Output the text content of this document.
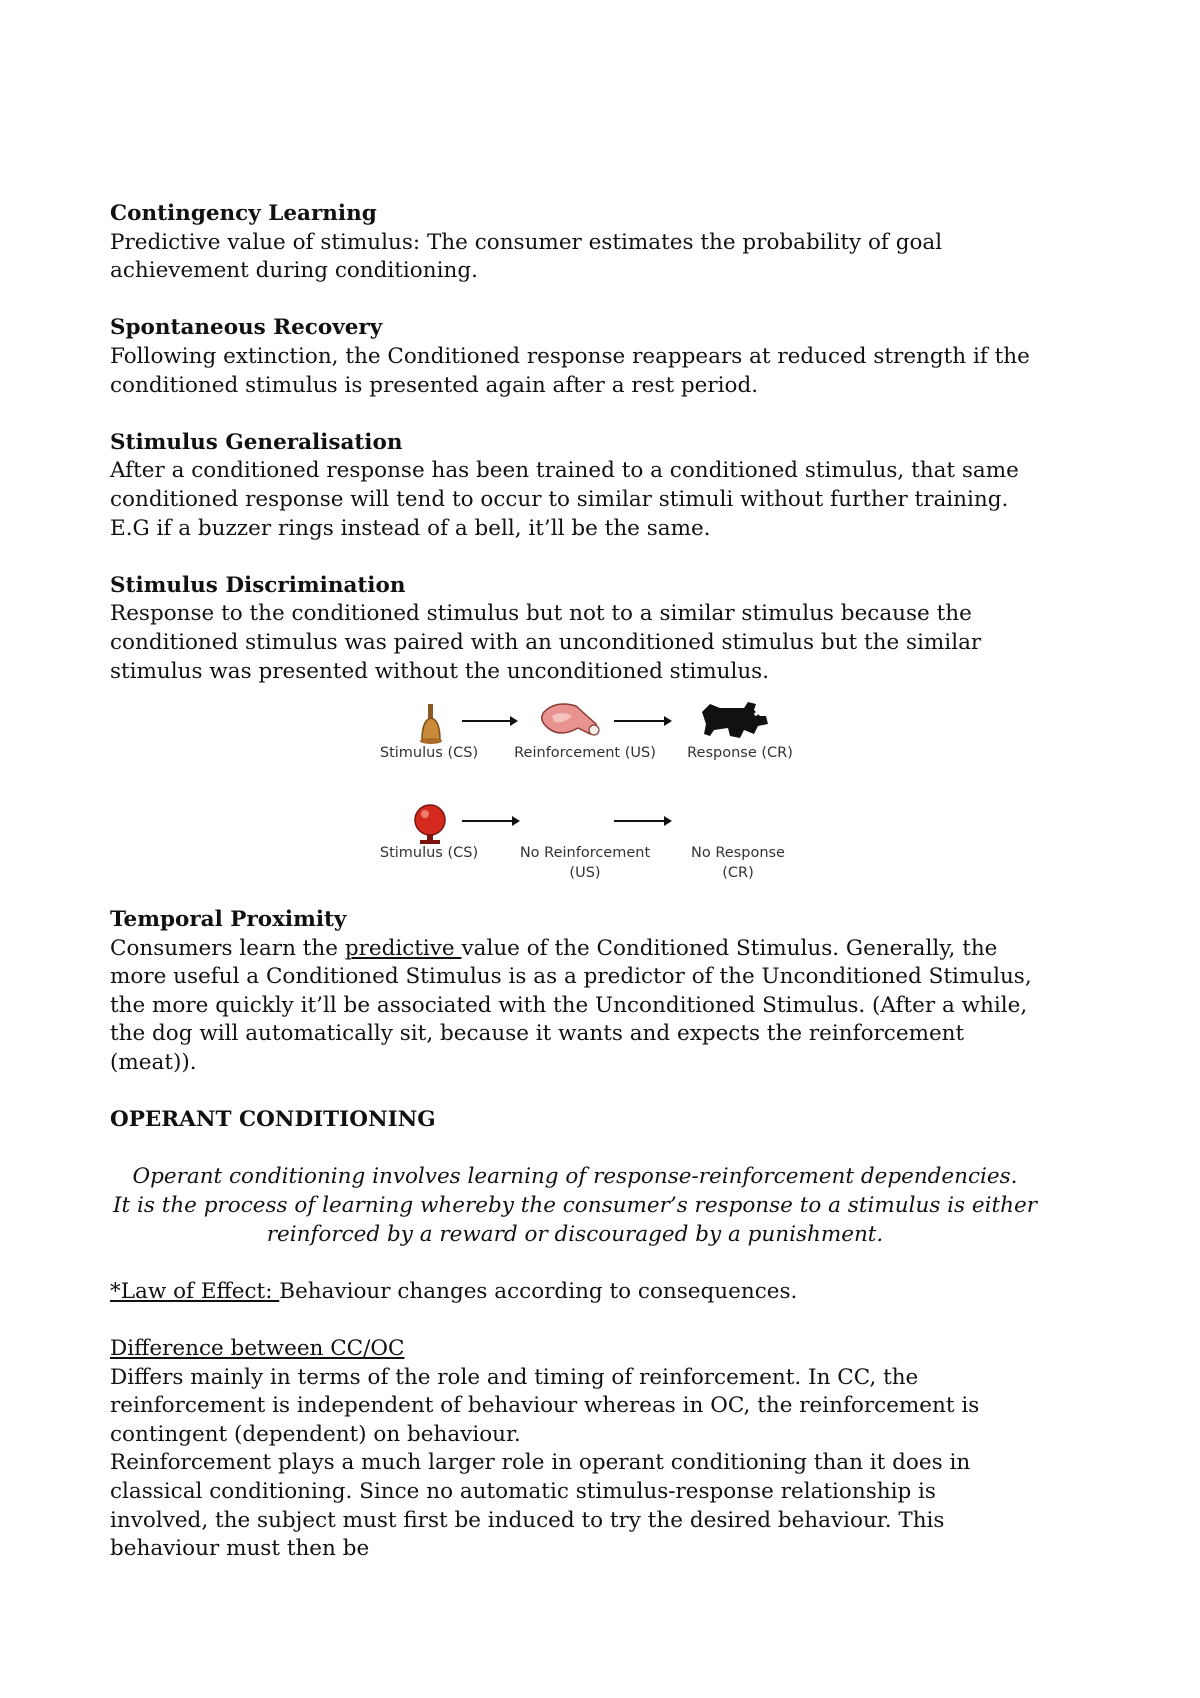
Contingency Learning

Predictive value of stimulus: The consumer estimates the probability of goal achievement during conditioning.

Spontaneous Recovery

Following extinction, the Conditioned response reappears at reduced strength if the conditioned stimulus is presented again after a rest period.

Stimulus Generalisation

After a conditioned response has been trained to a conditioned stimulus, that same conditioned response will tend to occur to similar stimuli without further training. E.G if a buzzer rings instead of a bell, it’ll be the same.

Stimulus Discrimination

Response to the conditioned stimulus but not to a similar stimulus because the conditioned stimulus was paired with an unconditioned stimulus but the similar stimulus was presented without the unconditioned stimulus.

Stimulus (CS)	Reinforcement (US)	Response (CR)
Stimulus (CS)	No Reinforcement
(US)
No Response
(CR)

Temporal Proximity

Consumers learn the predictive value of the Conditioned Stimulus. Generally, the more useful a Conditioned Stimulus is as a predictor of the Unconditioned Stimulus, the more quickly it’ll be associated with the Unconditioned Stimulus. (After a while, the dog will automatically sit, because it wants and expects the reinforcement (meat)).

OPERANT CONDITIONING

Operant conditioning involves learning of response-reinforcement dependencies.

It is the process of learning whereby the consumer’s response to a stimulus is either

reinforced by a reward or discouraged by a punishment.

*Law of Effect: Behaviour changes according to consequences.

Difference between CC/OC

Differs mainly in terms of the role and timing of reinforcement. In CC, the reinforcement is independent of behaviour whereas in OC, the reinforcement is contingent (dependent) on behaviour.

Reinforcement plays a much larger role in operant conditioning than it does in classical conditioning. Since no automatic stimulus-response relationship is involved, the subject must first be induced to try the desired behaviour. This behaviour must then be
